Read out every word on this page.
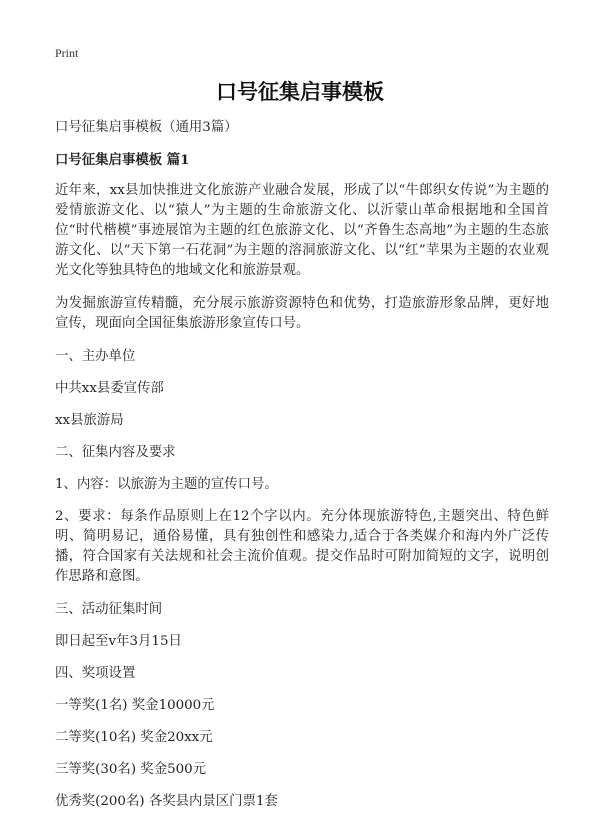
Print
口号征集启事模板

口号征集启事模板（通用3篇）

口号征集启事模板 篇1

近年来，xx县加快推进文化旅游产业融合发展，形成了以“牛郎织女传说”为主题的爱情旅游文化、以“猿人”为主题的生命旅游文化、以沂蒙山革命根据地和全国首位“时代楷模”事迹展馆为主题的红色旅游文化、以“齐鲁生态高地”为主题的生态旅游文化、以“天下第一石花洞”为主题的溶洞旅游文化、以“红”苹果为主题的农业观光文化等独具特色的地域文化和旅游景观。

为发掘旅游宣传精髓，充分展示旅游资源特色和优势，打造旅游形象品牌，更好地宣传，现面向全国征集旅游形象宣传口号。

一、主办单位

中共xx县委宣传部

xx县旅游局

二、征集内容及要求

1、内容：以旅游为主题的宣传口号。

2、要求：每条作品原则上在12个字以内。充分体现旅游特色,主题突出、特色鲜明、简明易记，通俗易懂，具有独创性和感染力,适合于各类媒介和海内外广泛传播，符合国家有关法规和社会主流价值观。提交作品时可附加简短的文字，说明创作思路和意图。

三、活动征集时间

即日起至v年3月15日

四、奖项设置

一等奖(1名) 奖金10000元

二等奖(10名) 奖金20xx元

三等奖(30名) 奖金500元

优秀奖(200名) 各奖县内景区门票1套
